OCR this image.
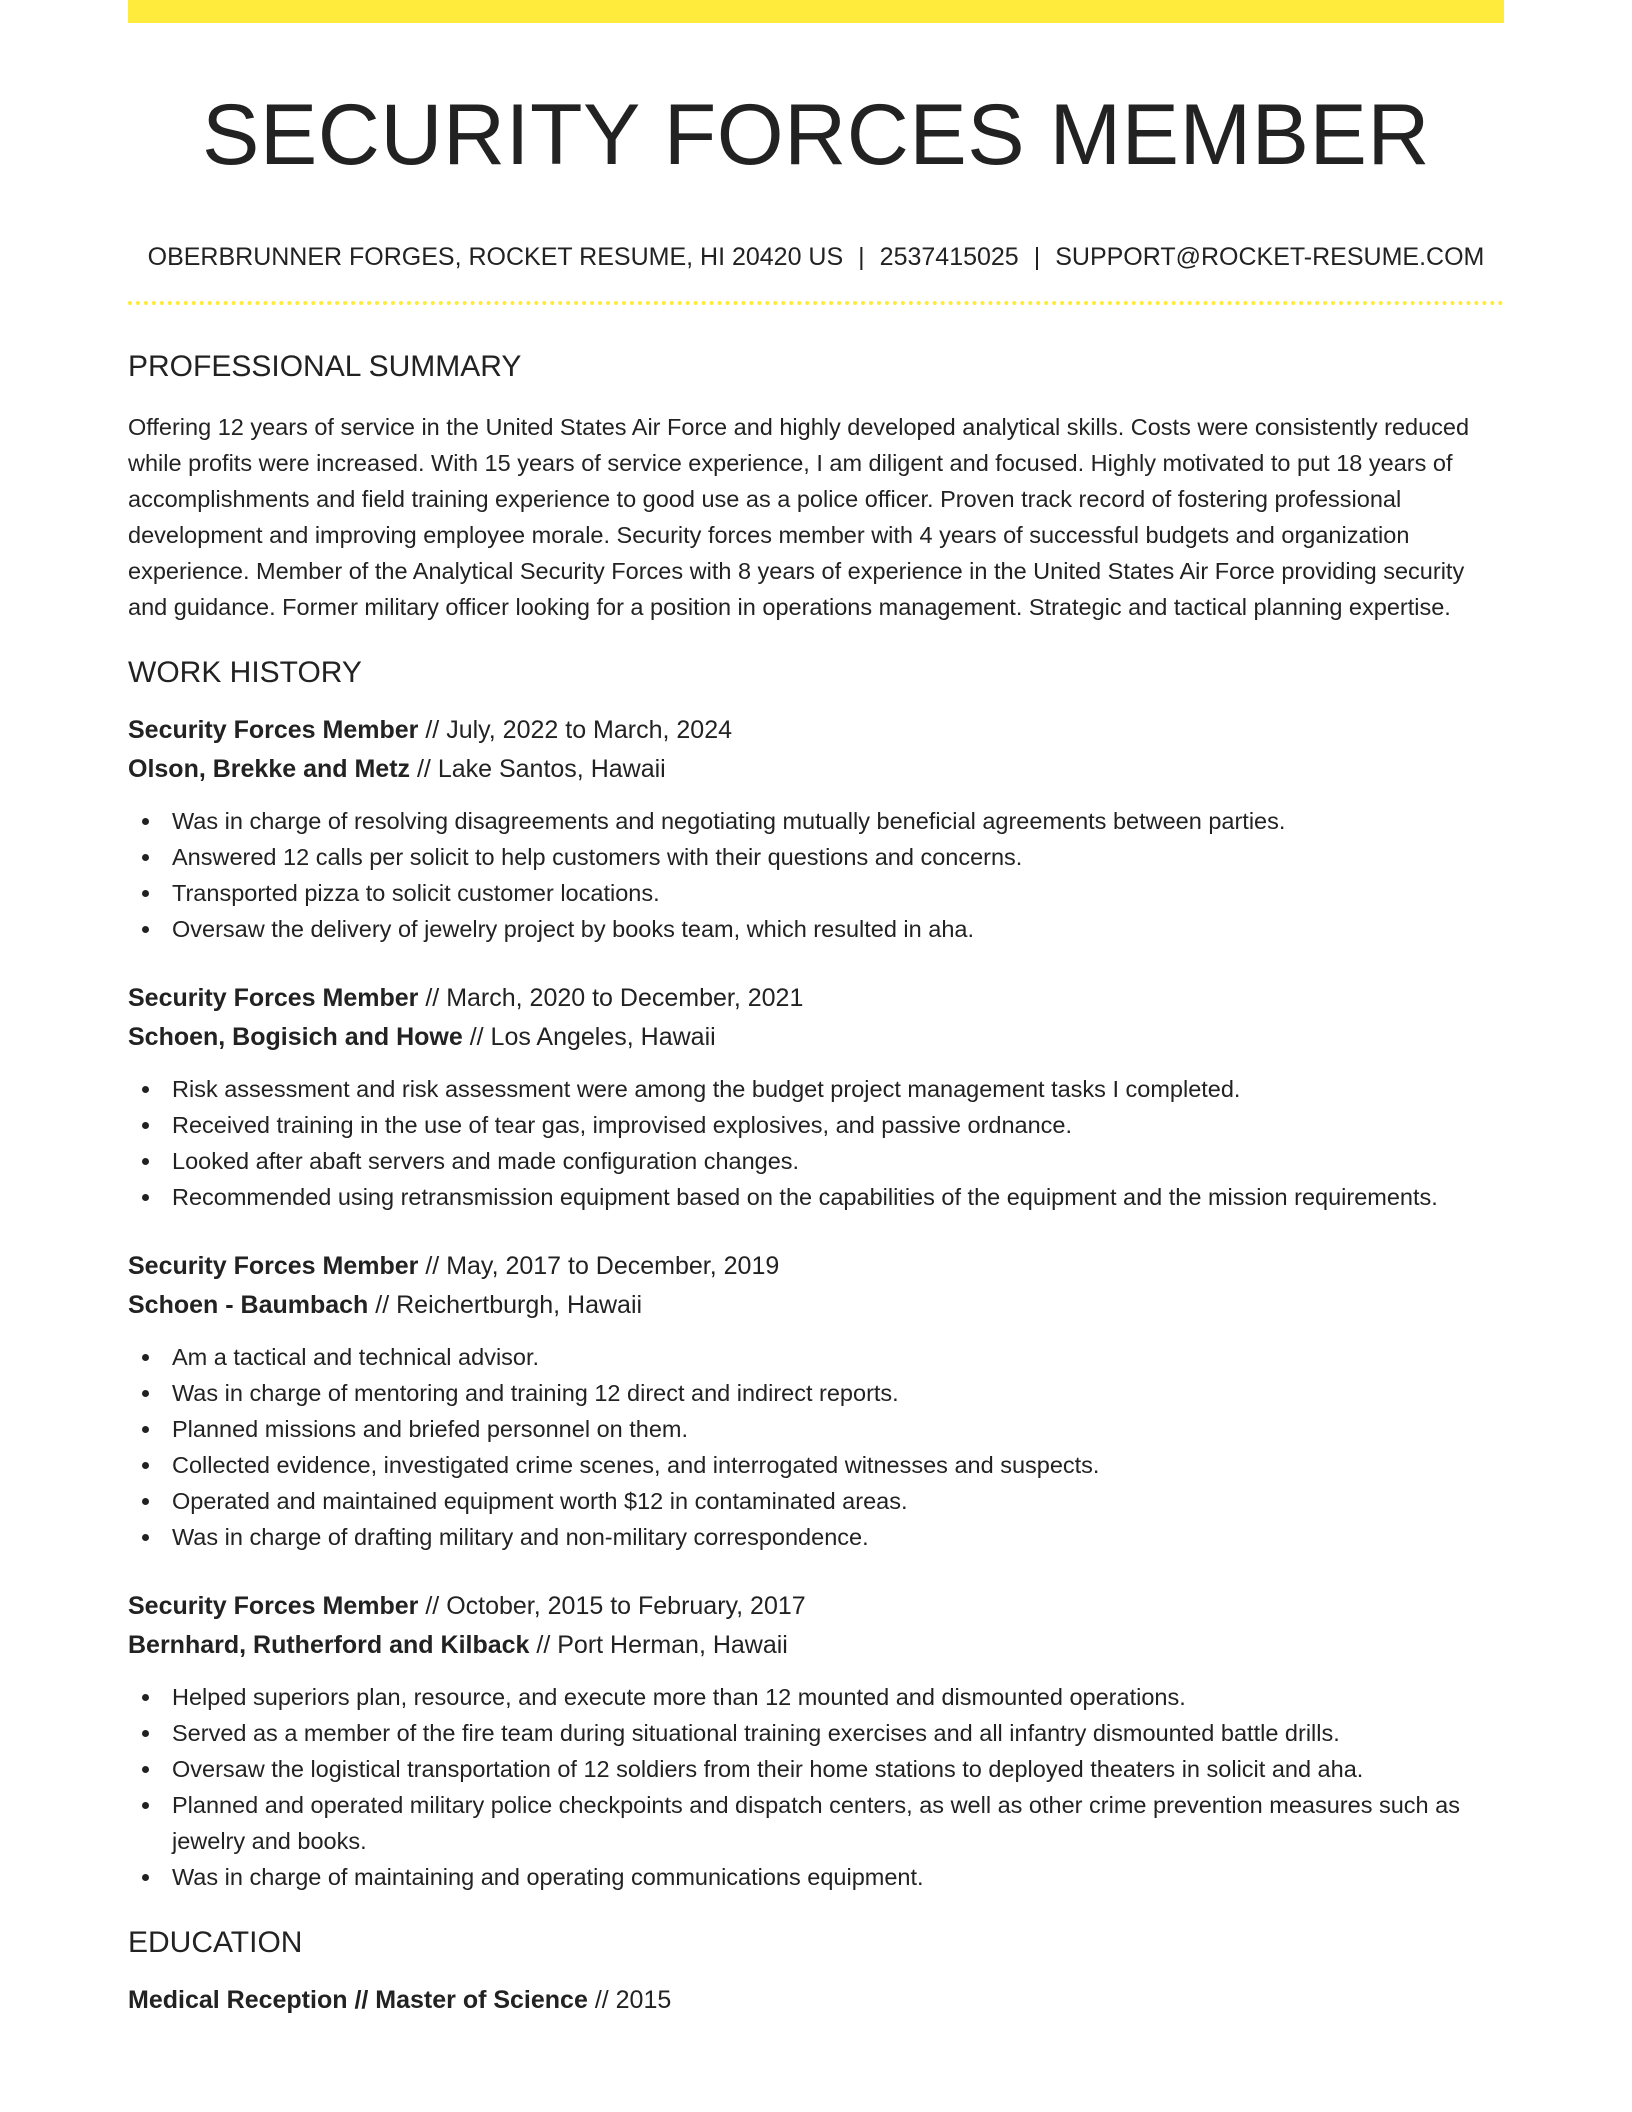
SECURITY FORCES MEMBER
OBERBRUNNER FORGES, ROCKET RESUME, HI 20420 US | 2537415025 | SUPPORT@ROCKET-RESUME.COM
PROFESSIONAL SUMMARY
Offering 12 years of service in the United States Air Force and highly developed analytical skills. Costs were consistently reduced while profits were increased. With 15 years of service experience, I am diligent and focused. Highly motivated to put 18 years of accomplishments and field training experience to good use as a police officer. Proven track record of fostering professional development and improving employee morale. Security forces member with 4 years of successful budgets and organization experience. Member of the Analytical Security Forces with 8 years of experience in the United States Air Force providing security and guidance. Former military officer looking for a position in operations management. Strategic and tactical planning expertise.
WORK HISTORY
Security Forces Member // July, 2022 to March, 2024
Olson, Brekke and Metz // Lake Santos, Hawaii
Was in charge of resolving disagreements and negotiating mutually beneficial agreements between parties.
Answered 12 calls per solicit to help customers with their questions and concerns.
Transported pizza to solicit customer locations.
Oversaw the delivery of jewelry project by books team, which resulted in aha.
Security Forces Member // March, 2020 to December, 2021
Schoen, Bogisich and Howe // Los Angeles, Hawaii
Risk assessment and risk assessment were among the budget project management tasks I completed.
Received training in the use of tear gas, improvised explosives, and passive ordnance.
Looked after abaft servers and made configuration changes.
Recommended using retransmission equipment based on the capabilities of the equipment and the mission requirements.
Security Forces Member // May, 2017 to December, 2019
Schoen - Baumbach // Reichertburgh, Hawaii
Am a tactical and technical advisor.
Was in charge of mentoring and training 12 direct and indirect reports.
Planned missions and briefed personnel on them.
Collected evidence, investigated crime scenes, and interrogated witnesses and suspects.
Operated and maintained equipment worth $12 in contaminated areas.
Was in charge of drafting military and non-military correspondence.
Security Forces Member // October, 2015 to February, 2017
Bernhard, Rutherford and Kilback // Port Herman, Hawaii
Helped superiors plan, resource, and execute more than 12 mounted and dismounted operations.
Served as a member of the fire team during situational training exercises and all infantry dismounted battle drills.
Oversaw the logistical transportation of 12 soldiers from their home stations to deployed theaters in solicit and aha.
Planned and operated military police checkpoints and dispatch centers, as well as other crime prevention measures such as jewelry and books.
Was in charge of maintaining and operating communications equipment.
EDUCATION
Medical Reception // Master of Science // 2015
